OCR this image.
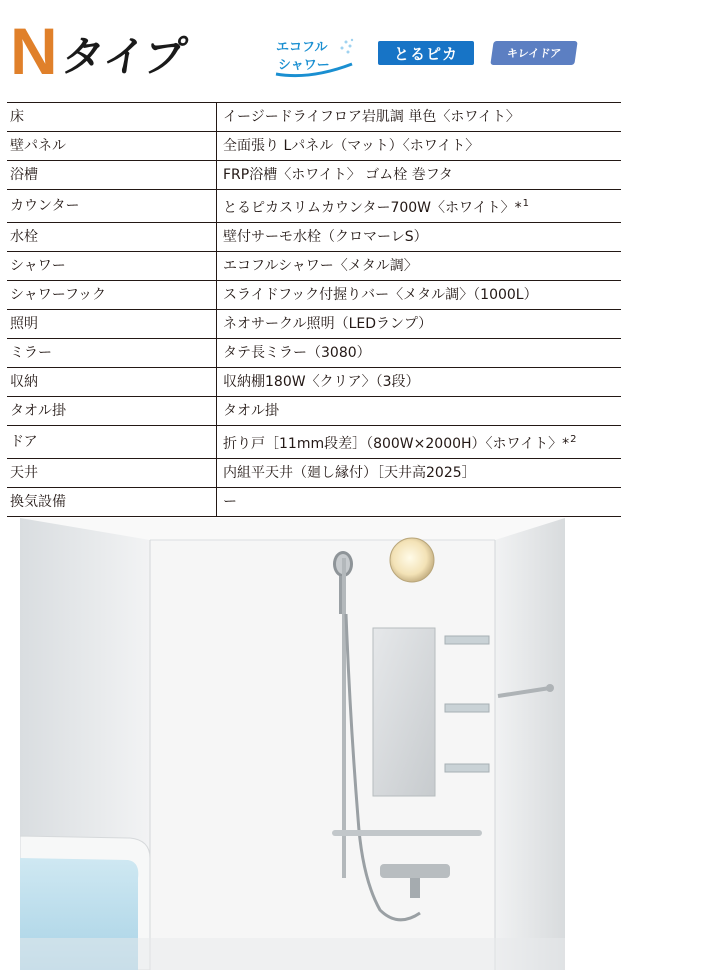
N タイプ	エコフル
シャワー
とるピカ	キレイドア
床	イージードライフロア岩肌調 単色〈ホワイト〉
壁パネル	全面張り Lパネル（マット）〈ホワイト〉
浴槽	FRP浴槽〈ホワイト〉 ゴム栓 巻フタ
カウンター	とるピカスリムカウンター700W〈ホワイト〉*$^1$
水栓	壁付サーモ水栓（クロマーレS）
シャワー	エコフルシャワー〈メタル調〉
シャワーフック	スライドフック付握りバー〈メタル調〉（1000L）
照明	ネオサークル照明（LEDランプ）
ミラー	タテ長ミラー（3080）
収納	収納棚180W〈クリア〉（3段）
タオル掛	タオル掛
ドア	折り戸［11mm段差］（800W×2000H）〈ホワイト〉*$^2$
天井	内組平天井（廻し縁付）［天井高2025］
換気設備	ー
